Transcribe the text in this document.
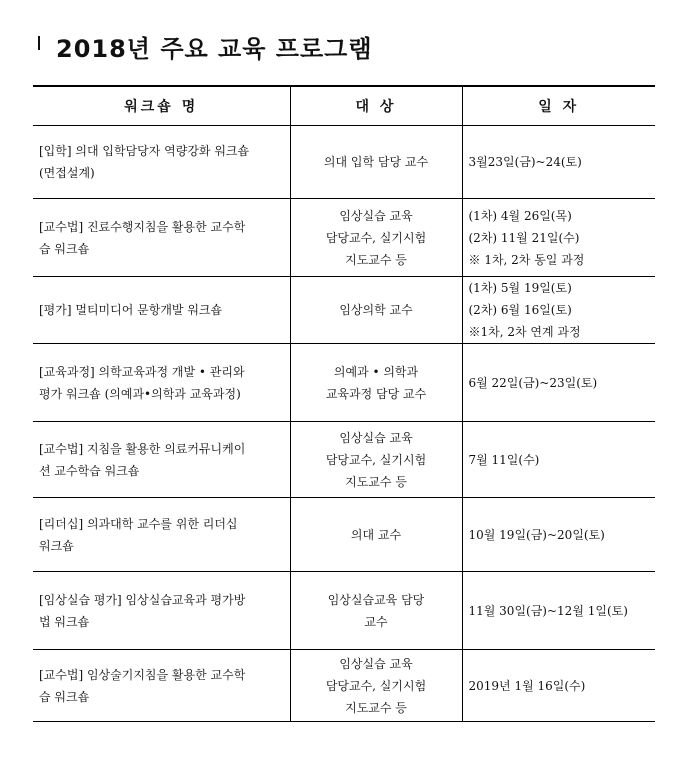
2018년 주요 교육 프로그램
워크숍 명	대 상	일 자

[입학] 의대 입학담당자 역량강화 워크숍
(면접설계)	의대 입학 담당 교수	3월23일(금)~24(토)

[교수법] 진료수행지침을 활용한 교수학
습 워크숍	임상실습 교육
담당교수, 실기시험
지도교수 등	(1차) 4월 26일(목)
(2차) 11월 21일(수)
※ 1차, 2차 동일 과정

[평가] 멀티미디어 문항개발 워크숍	임상의학 교수	(1차) 5월 19일(토)
(2차) 6월 16일(토)
※1차, 2차 연계 과정

[교육과정] 의학교육과정 개발 • 관리와
평가 워크숍 (의예과•의학과 교육과정)	의예과 • 의학과
교육과정 담당 교수	6월 22일(금)~23일(토)

[교수법] 지침을 활용한 의료커뮤니케이
션 교수학습 워크숍	임상실습 교육
담당교수, 실기시험
지도교수 등	7월 11일(수)

[리더십] 의과대학 교수를 위한 리더십
워크숍	의대 교수	10월 19일(금)~20일(토)

[임상실습 평가] 임상실습교육과 평가방
법 워크숍	임상실습교육 담당
교수	11월 30일(금)~12월 1일(토)

[교수법] 임상술기지침을 활용한 교수학
습 워크숍	임상실습 교육
담당교수, 실기시험
지도교수 등	2019년 1월 16일(수)
